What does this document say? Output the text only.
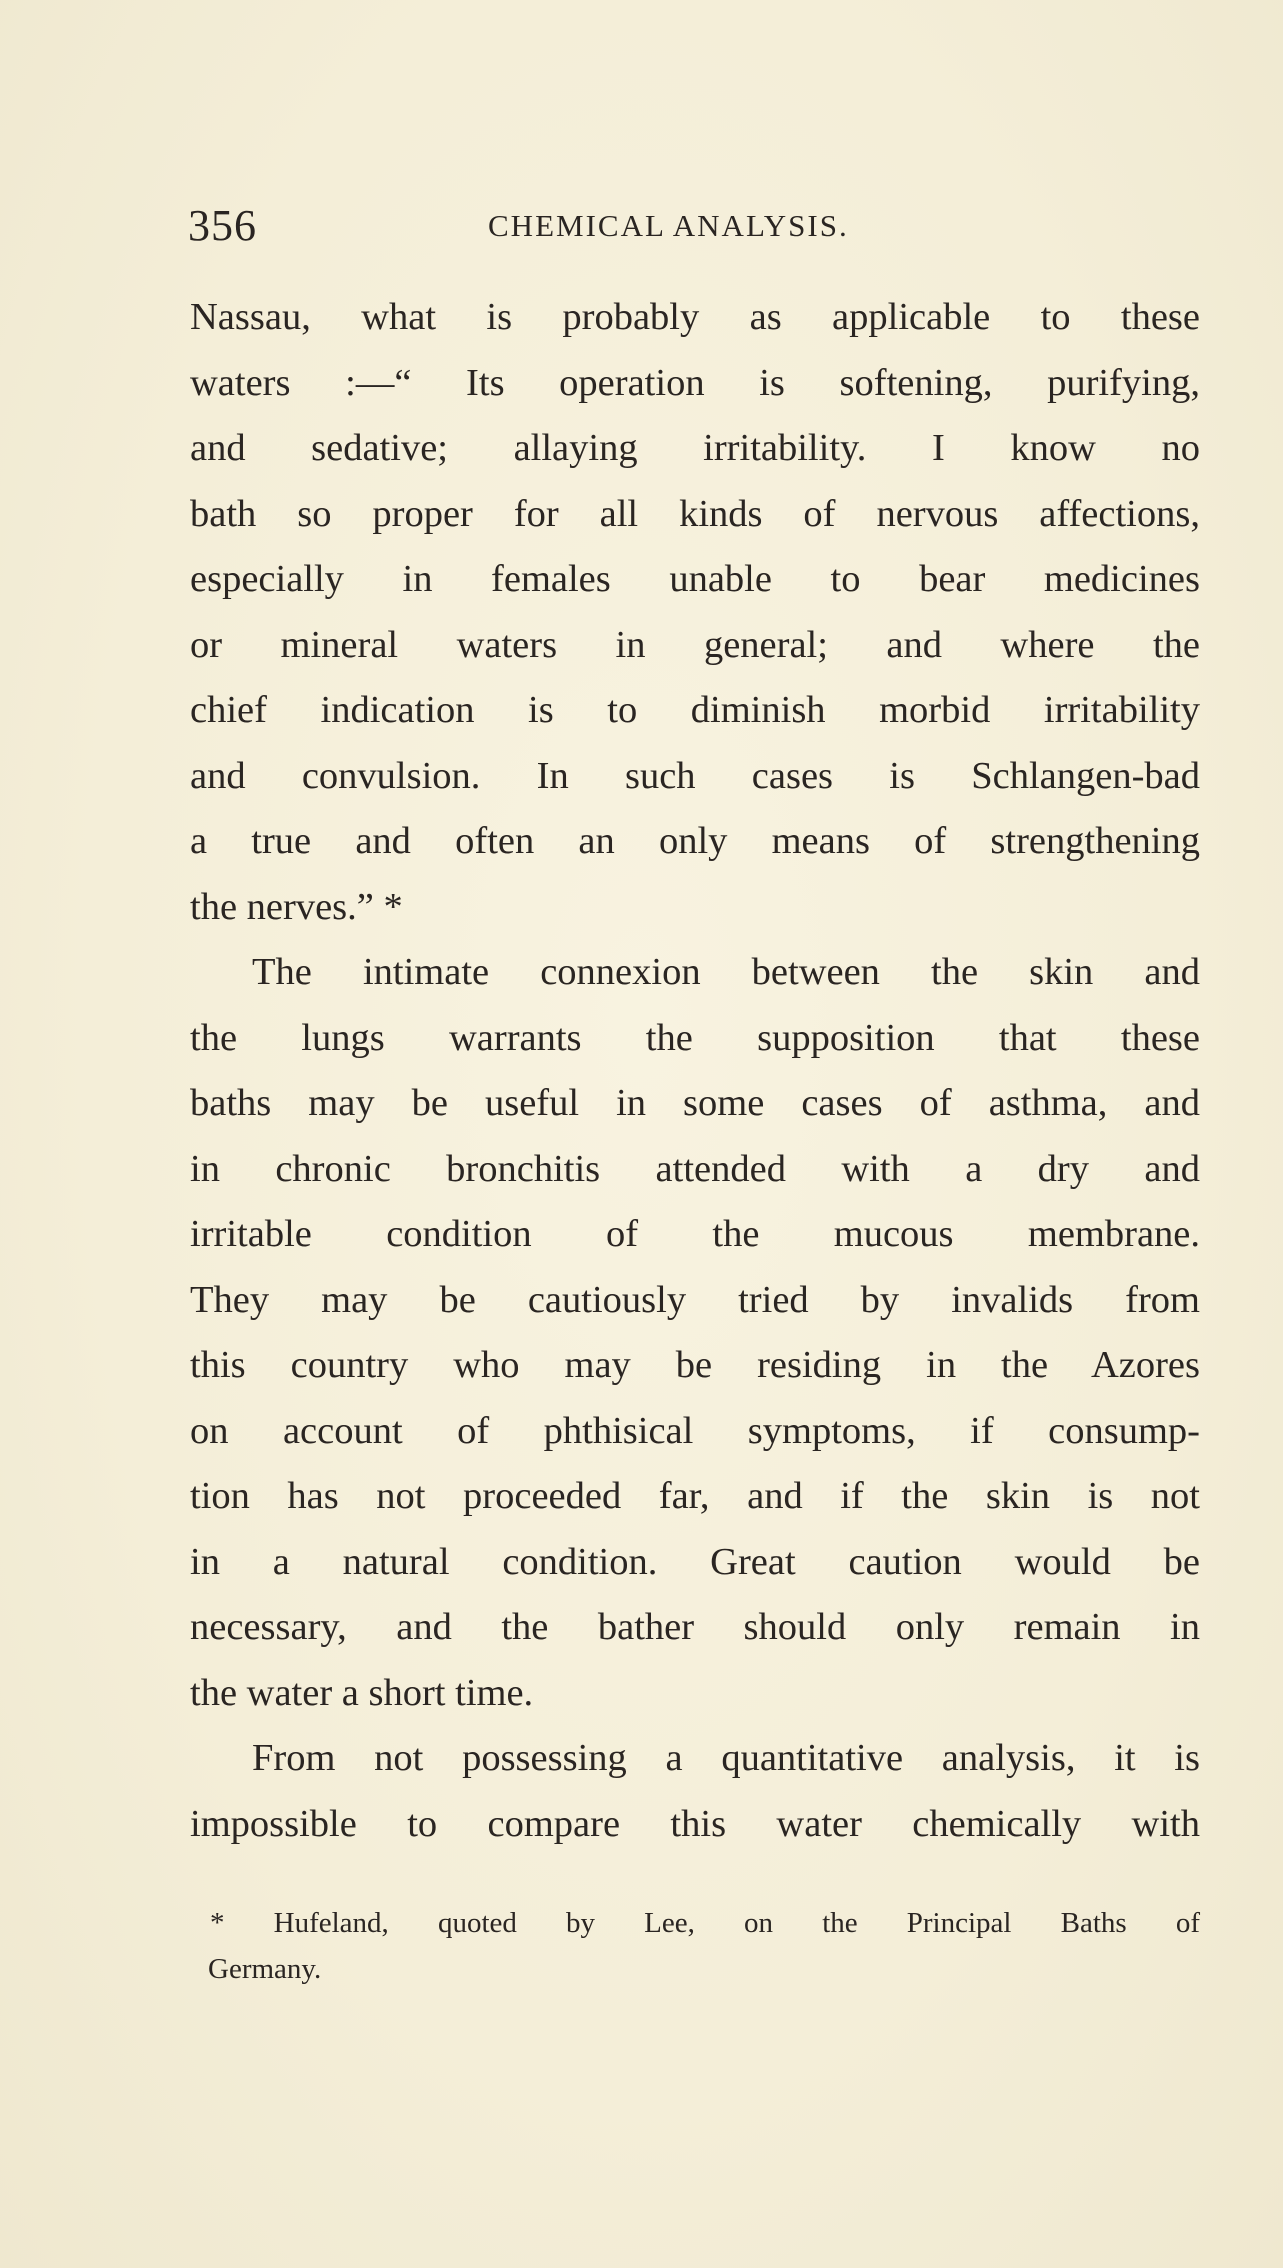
356	CHEMICAL ANALYSIS.
Nassau, what is probably as applicable to these
waters :—“ Its operation is softening, purifying,
and sedative; allaying irritability. I know no
bath so proper for all kinds of nervous affections,
especially in females unable to bear medicines
or mineral waters in general; and where the
chief indication is to diminish morbid irritability
and convulsion. In such cases is Schlangen-bad
a true and often an only means of strengthening
the nerves.” *
The intimate connexion between the skin and
the lungs warrants the supposition that these
baths may be useful in some cases of asthma, and
in chronic bronchitis attended with a dry and
irritable condition of the mucous membrane.
They may be cautiously tried by invalids from
this country who may be residing in the Azores
on account of phthisical symptoms, if consump-
tion has not proceeded far, and if the skin is not
in a natural condition. Great caution would be
necessary, and the bather should only remain in
the water a short time.
From not possessing a quantitative analysis, it is
impossible to compare this water chemically with
* Hufeland, quoted by Lee, on the Principal Baths of
Germany.
